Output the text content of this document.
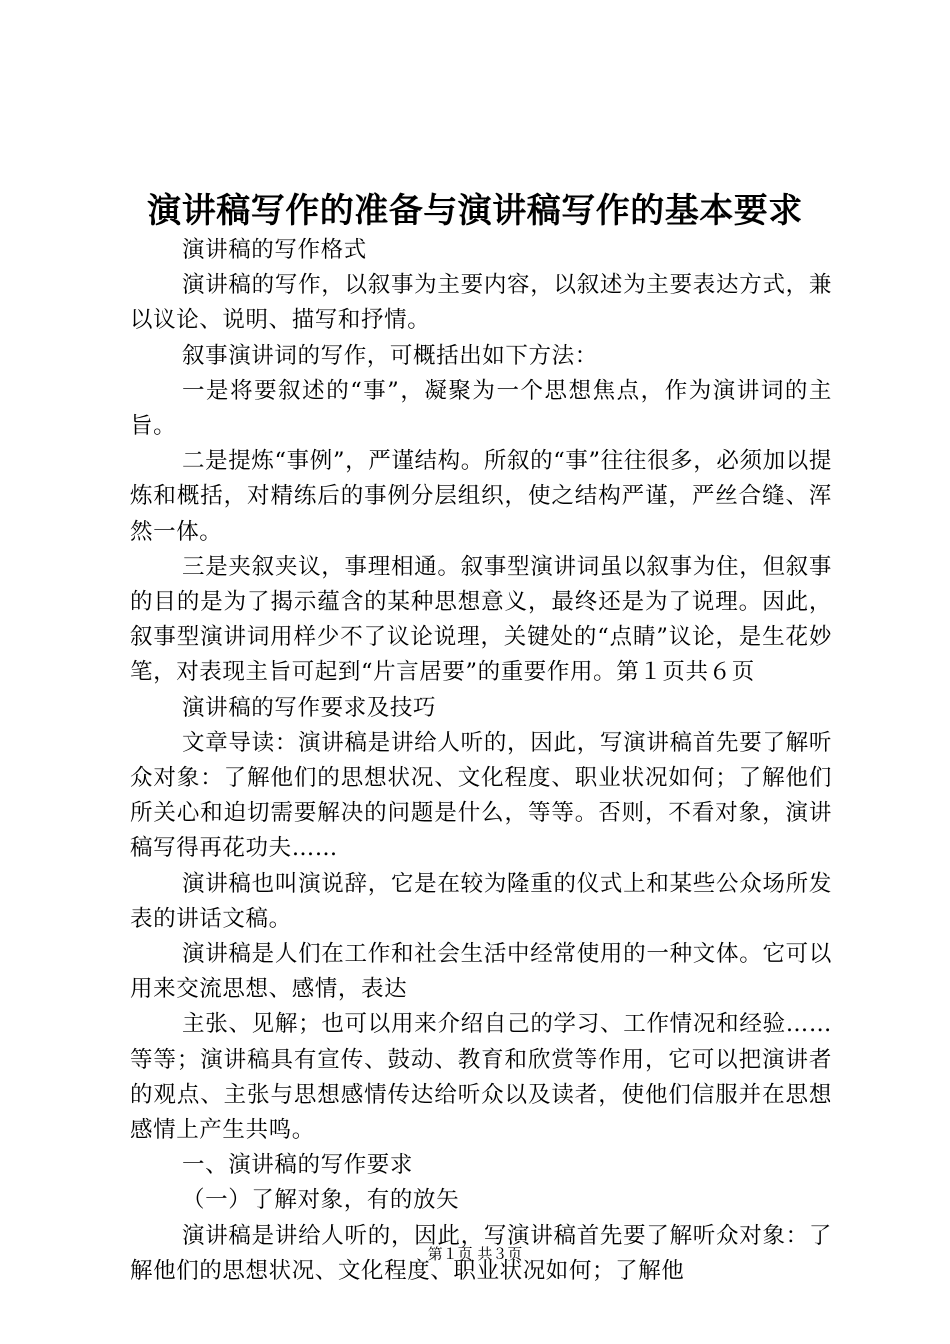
演讲稿写作的准备与演讲稿写作的基本要求

演讲稿的写作格式

演讲稿的写作，以叙事为主要内容，以叙述为主要表达方式，兼以议论、说明、描写和抒情。

叙事演讲词的写作，可概括出如下方法：

一是将要叙述的“事”，凝聚为一个思想焦点，作为演讲词的主旨。

二是提炼“事例”，严谨结构。所叙的“事”往往很多，必须加以提炼和概括，对精练后的事例分层组织，使之结构严谨，严丝合缝、浑然一体。

三是夹叙夹议，事理相通。叙事型演讲词虽以叙事为住，但叙事的目的是为了揭示蕴含的某种思想意义，最终还是为了说理。因此，叙事型演讲词用样少不了议论说理，关键处的“点睛”议论，是生花妙笔，对表现主旨可起到“片言居要”的重要作用。第１页共６页

演讲稿的写作要求及技巧

文章导读：演讲稿是讲给人听的，因此，写演讲稿首先要了解听众对象：了解他们的思想状况、文化程度、职业状况如何；了解他们所关心和迫切需要解决的问题是什么，等等。否则，不看对象，演讲稿写得再花功夫……

演讲稿也叫演说辞，它是在较为隆重的仪式上和某些公众场所发表的讲话文稿。

演讲稿是人们在工作和社会生活中经常使用的一种文体。它可以用来交流思想、感情，表达

主张、见解；也可以用来介绍自己的学习、工作情况和经验……等等；演讲稿具有宣传、鼓动、教育和欣赏等作用，它可以把演讲者的观点、主张与思想感情传达给听众以及读者，使他们信服并在思想感情上产生共鸣。

一、演讲稿的写作要求

（一）了解对象，有的放矢

演讲稿是讲给人听的，因此，写演讲稿首先要了解听众对象：了解他们的思想状况、文化程度、职业状况如何；了解他

第１页 共３页
